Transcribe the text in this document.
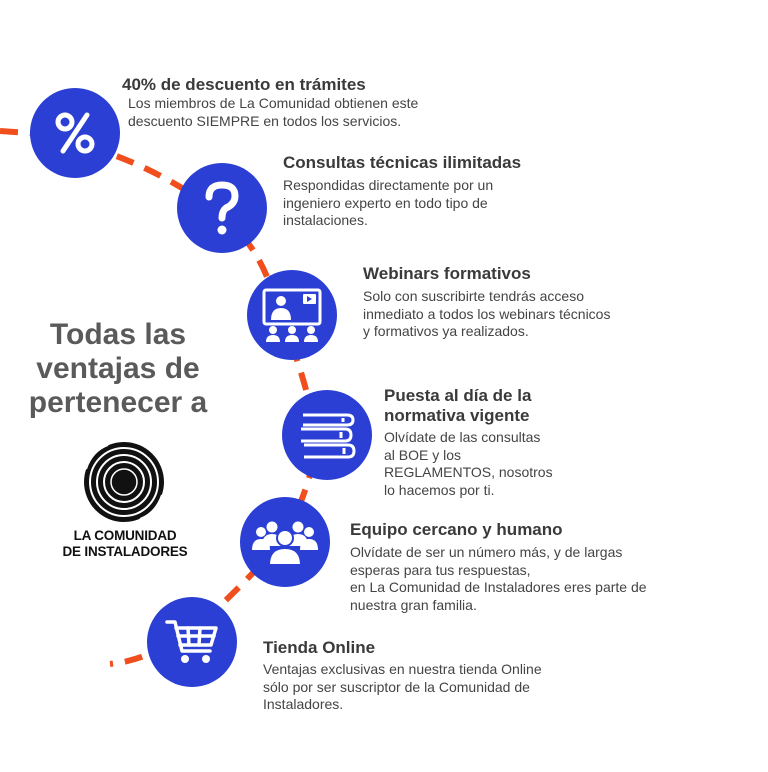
40% de descuento en trámites

Los miembros de La Comunidad obtienen este
descuento SIEMPRE en todos los servicios.

Consultas técnicas ilimitadas

Respondidas directamente por un
ingeniero experto en todo tipo de
instalaciones.

Webinars formativos

Solo con suscribirte tendrás acceso
inmediato a todos los webinars técnicos
y formativos ya realizados.

Puesta al día de la
normativa vigente

Olvídate de las consultas
al BOE y los
REGLAMENTOS, nosotros
lo hacemos por ti.

Equipo cercano y humano

Olvídate de ser un número más, y de largas
esperas para tus respuestas,
en La Comunidad de Instaladores eres parte de
nuestra gran familia.

Tienda Online

Ventajas exclusivas en nuestra tienda Online
sólo por ser suscriptor de la Comunidad de
Instaladores.

Todas las
ventajas de
pertenecer a
LA COMUNIDAD
DE INSTALADORES
